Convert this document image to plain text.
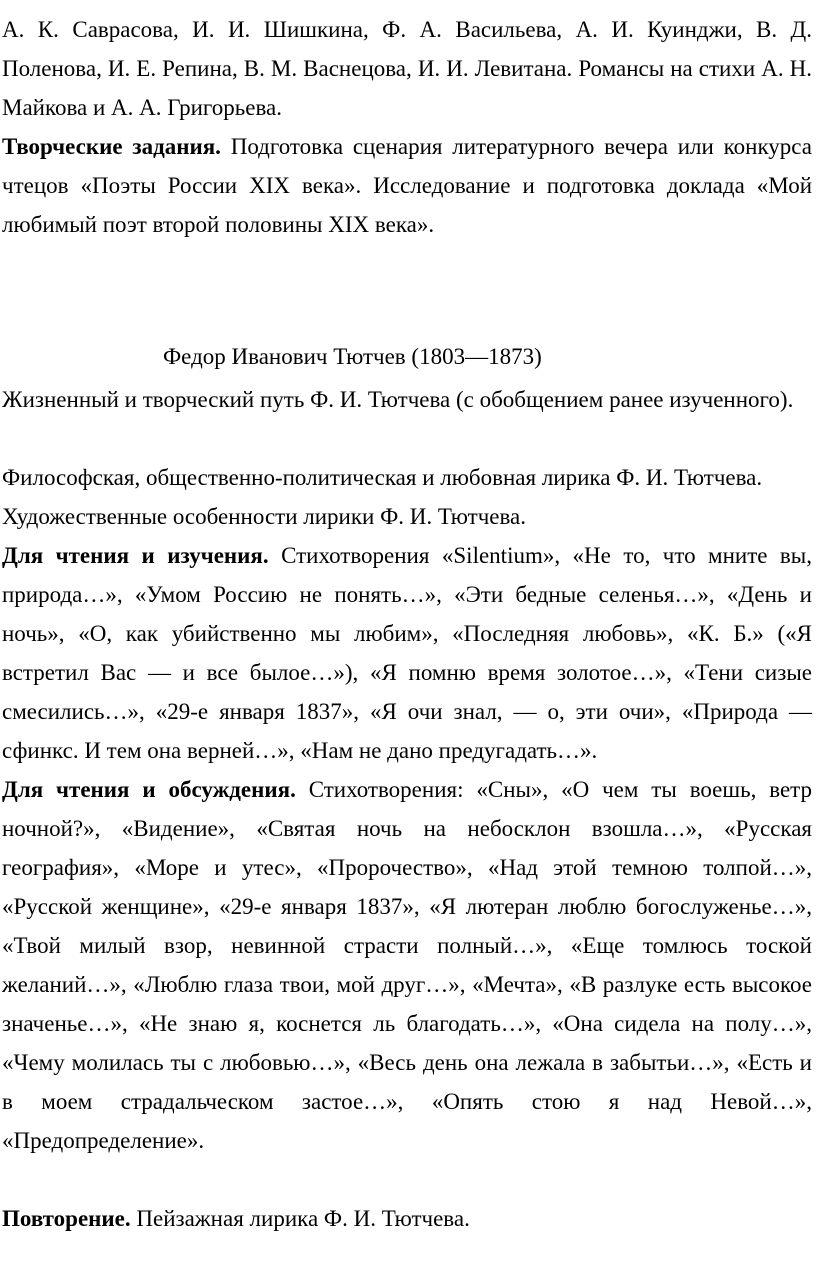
А. К. Саврасова, И. И. Шишкина, Ф. А. Васильева, А. И. Куинджи, В. Д. Поленова, И. Е. Репина, В. М. Васнецова, И. И. Левитана. Романсы на стихи А. Н. Майкова и А. А. Григорьева.

Творческие задания. Подготовка сценария литературного вечера или конкурса чтецов «Поэты России XIX века». Исследование и подготовка доклада «Мой любимый поэт второй половины XIX века».

Федор Иванович Тютчев (1803—1873)

Жизненный и творческий путь Ф. И. Тютчева (с обобщением ранее изученного).

Философская, общественно-политическая и любовная лирика Ф. И. Тютчева.

Художественные особенности лирики Ф. И. Тютчева.

Для чтения и изучения. Стихотворения «Silentium», «Не то, что мните вы, природа…», «Умом Россию не понять…», «Эти бедные селенья…», «День и ночь», «О, как убийственно мы любим», «Последняя любовь», «К. Б.» («Я встретил Вас — и все былое…»), «Я помню время золотое…», «Тени сизые смесились…», «29-е января 1837», «Я очи знал, — о, эти очи», «Природа — сфинкс. И тем она верней…», «Нам не дано предугадать…».

Для чтения и обсуждения. Стихотворения: «Сны», «О чем ты воешь, ветр ночной?», «Видение», «Святая ночь на небосклон взошла…», «Русская география», «Море и утес», «Пророчество», «Над этой темною толпой…», «Русской женщине», «29-е января 1837», «Я лютеран люблю богослуженье…», «Твой милый взор, невинной страсти полный…», «Еще томлюсь тоской желаний…», «Люблю глаза твои, мой друг…», «Мечта», «В разлуке есть высокое значенье…», «Не знаю я, коснется ль благодать…», «Она сидела на полу…», «Чему молилась ты с любовью…», «Весь день она лежала в забытьи…», «Есть и в моем страдальческом застое…», «Опять стою я над Невой…», «Предопределение».

Повторение. Пейзажная лирика Ф. И. Тютчева.
